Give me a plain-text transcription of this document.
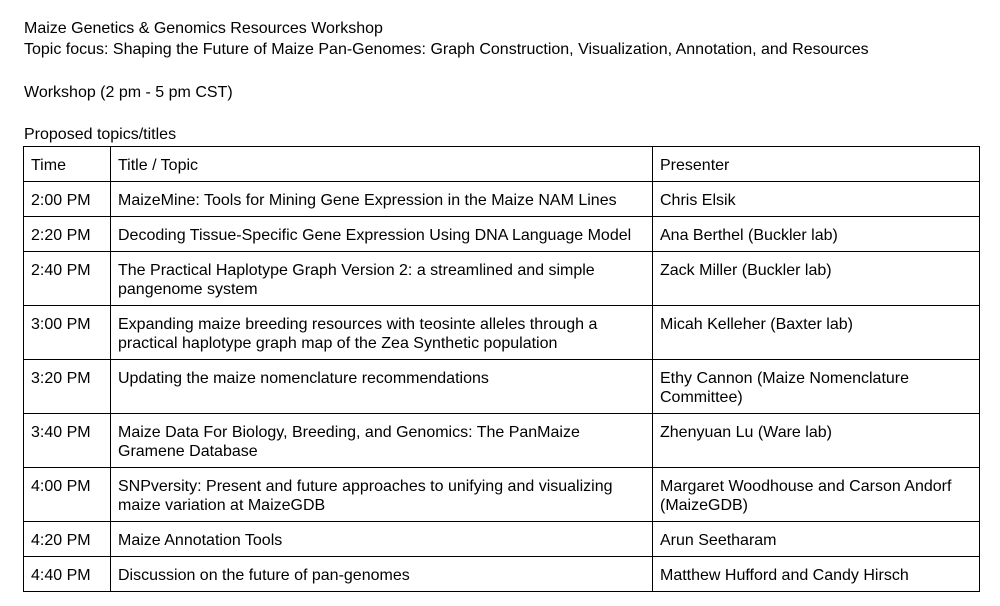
Maize Genetics & Genomics Resources Workshop
Topic focus: Shaping the Future of Maize Pan-Genomes: Graph Construction, Visualization, Annotation, and Resources
Workshop (2 pm - 5 pm CST)
Proposed topics/titles
Time	Title / Topic	Presenter
2:00 PM	MaizeMine: Tools for Mining Gene Expression in the Maize NAM Lines	Chris Elsik
2:20 PM	Decoding Tissue-Specific Gene Expression Using DNA Language Model	Ana Berthel (Buckler lab)
2:40 PM	The Practical Haplotype Graph Version 2: a streamlined and simple pangenome system	Zack Miller (Buckler lab)
3:00 PM	Expanding maize breeding resources with teosinte alleles through a practical haplotype graph map of the Zea Synthetic population	Micah Kelleher (Baxter lab)
3:20 PM	Updating the maize nomenclature recommendations	Ethy Cannon (Maize Nomenclature Committee)
3:40 PM	Maize Data For Biology, Breeding, and Genomics: The PanMaize Gramene Database	Zhenyuan Lu (Ware lab)
4:00 PM	SNPversity: Present and future approaches to unifying and visualizing maize variation at MaizeGDB	Margaret Woodhouse and Carson Andorf (MaizeGDB)
4:20 PM	Maize Annotation Tools	Arun Seetharam
4:40 PM	Discussion on the future of pan-genomes	Matthew Hufford and Candy Hirsch
